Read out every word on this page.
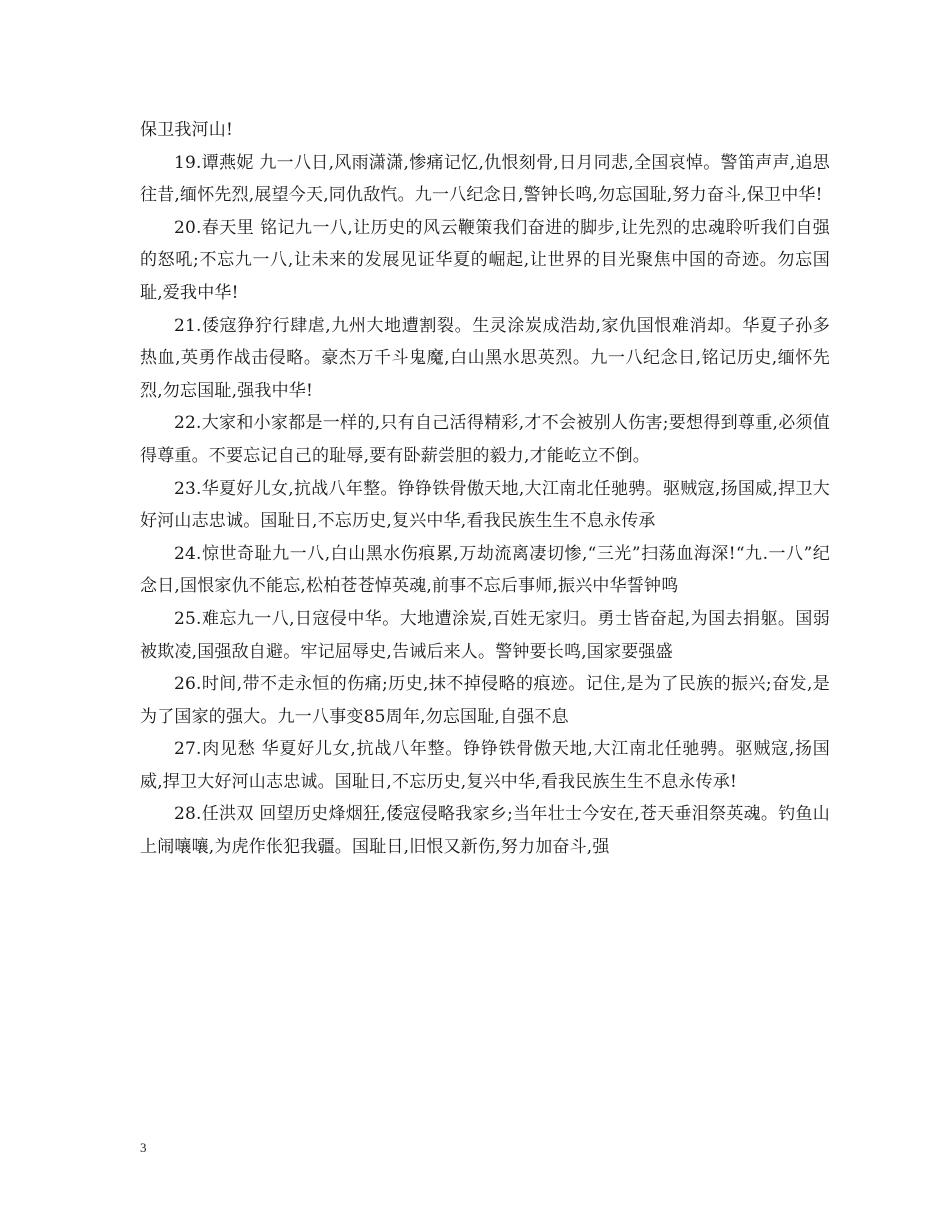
保卫我河山!

19.谭燕妮 九一八日,风雨潇潇,惨痛记忆,仇恨刻骨,日月同悲,全国哀悼。警笛声声,追思往昔,缅怀先烈,展望今天,同仇敌忾。九一八纪念日,警钟长鸣,勿忘国耻,努力奋斗,保卫中华!

20.春天里 铭记九一八,让历史的风云鞭策我们奋进的脚步,让先烈的忠魂聆听我们自强的怒吼;不忘九一八,让未来的发展见证华夏的崛起,让世界的目光聚焦中国的奇迹。勿忘国耻,爱我中华!

21.倭寇狰狞行肆虐,九州大地遭割裂。生灵涂炭成浩劫,家仇国恨难消却。华夏子孙多热血,英勇作战击侵略。豪杰万千斗鬼魔,白山黑水思英烈。九一八纪念日,铭记历史,缅怀先烈,勿忘国耻,强我中华!

22.大家和小家都是一样的,只有自己活得精彩,才不会被别人伤害;要想得到尊重,必须值得尊重。不要忘记自己的耻辱,要有卧薪尝胆的毅力,才能屹立不倒。

23.华夏好儿女,抗战八年整。铮铮铁骨傲天地,大江南北任驰骋。驱贼寇,扬国威,捍卫大好河山志忠诚。国耻日,不忘历史,复兴中华,看我民族生生不息永传承

24.惊世奇耻九一八,白山黑水伤痕累,万劫流离凄切惨,“三光”扫荡血海深!“九.一八”纪念日,国恨家仇不能忘,松柏苍苍悼英魂,前事不忘后事师,振兴中华誓钟鸣

25.难忘九一八,日寇侵中华。大地遭涂炭,百姓无家归。勇士皆奋起,为国去捐躯。国弱被欺凌,国强敌自避。牢记屈辱史,告诫后来人。警钟要长鸣,国家要强盛

26.时间,带不走永恒的伤痛;历史,抹不掉侵略的痕迹。记住,是为了民族的振兴;奋发,是为了国家的强大。九一八事变85周年,勿忘国耻,自强不息

27.肉见愁 华夏好儿女,抗战八年整。铮铮铁骨傲天地,大江南北任驰骋。驱贼寇,扬国威,捍卫大好河山志忠诚。国耻日,不忘历史,复兴中华,看我民族生生不息永传承!

28.任洪双 回望历史烽烟狂,倭寇侵略我家乡;当年壮士今安在,苍天垂泪祭英魂。钓鱼山上闹嚷嚷,为虎作伥犯我疆。国耻日,旧恨又新伤,努力加奋斗,强

3
